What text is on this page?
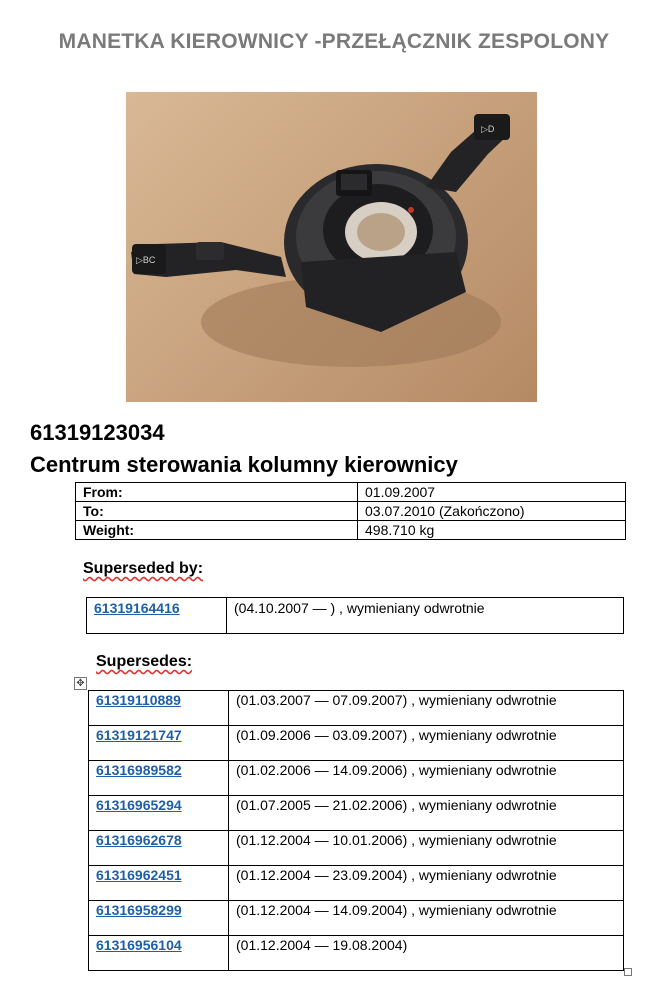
MANETKA KIEROWNICY -PRZEŁĄCZNIK ZESPOLONY
▷BC
▷D
61319123034
Centrum sterowania kolumny kierownicy
From:	01.09.2007
To:	03.07.2010 (Zakończono)
Weight:	498.710 kg
Superseded by:
61319164416	(04.10.2007 — ) , wymieniany odwrotnie
Supersedes:
✥
61319110889	(01.03.2007 — 07.09.2007) , wymieniany odwrotnie
61319121747	(01.09.2006 — 03.09.2007) , wymieniany odwrotnie
61316989582	(01.02.2006 — 14.09.2006) , wymieniany odwrotnie
61316965294	(01.07.2005 — 21.02.2006) , wymieniany odwrotnie
61316962678	(01.12.2004 — 10.01.2006) , wymieniany odwrotnie
61316962451	(01.12.2004 — 23.09.2004) , wymieniany odwrotnie
61316958299	(01.12.2004 — 14.09.2004) , wymieniany odwrotnie
61316956104	(01.12.2004 — 19.08.2004)
